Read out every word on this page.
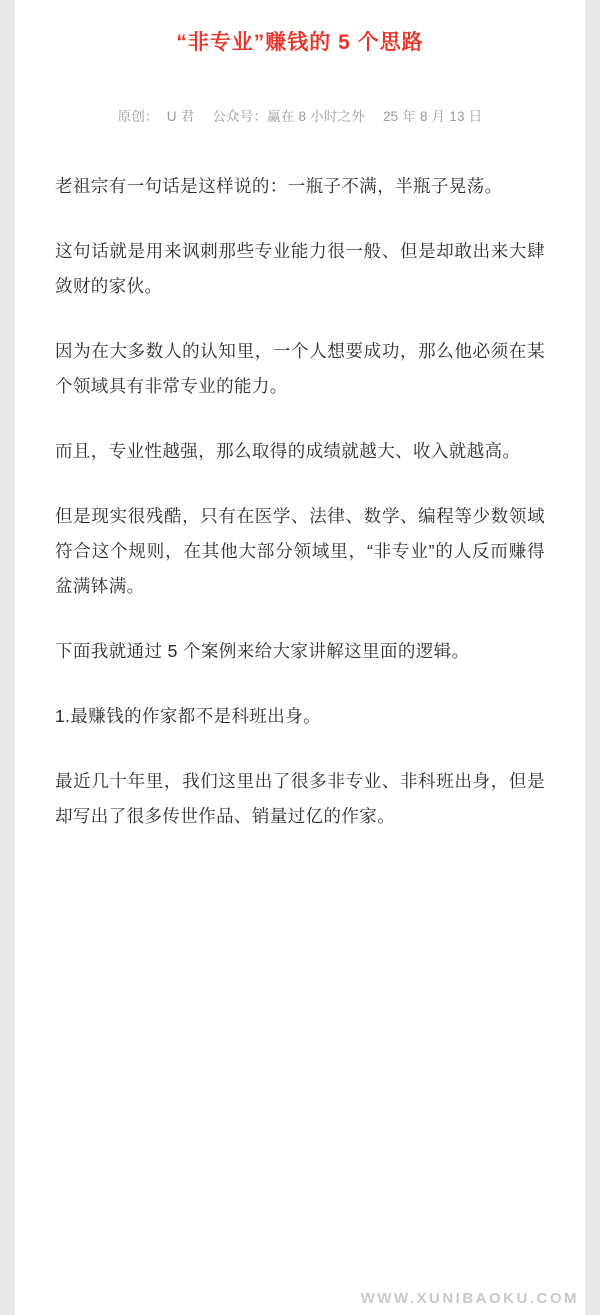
“非专业”赚钱的 5 个思路
原创： U 君 公众号：赢在 8 小时之外 25 年 8 月 13 日

老祖宗有一句话是这样说的：一瓶子不满，半瓶子晃荡。

这句话就是用来讽刺那些专业能力很一般、但是却敢出来大肆敛财的家伙。

因为在大多数人的认知里，一个人想要成功，那么他必须在某个领域具有非常专业的能力。

而且，专业性越强，那么取得的成绩就越大、收入就越高。

但是现实很残酷，只有在医学、法律、数学、编程等少数领域符合这个规则，在其他大部分领域里，“非专业”的人反而赚得盆满钵满。

下面我就通过 5 个案例来给大家讲解这里面的逻辑。

1.最赚钱的作家都不是科班出身。

最近几十年里，我们这里出了很多非专业、非科班出身，但是却写出了很多传世作品、销量过亿的作家。

WWW.XUNIBAOKU.COM
